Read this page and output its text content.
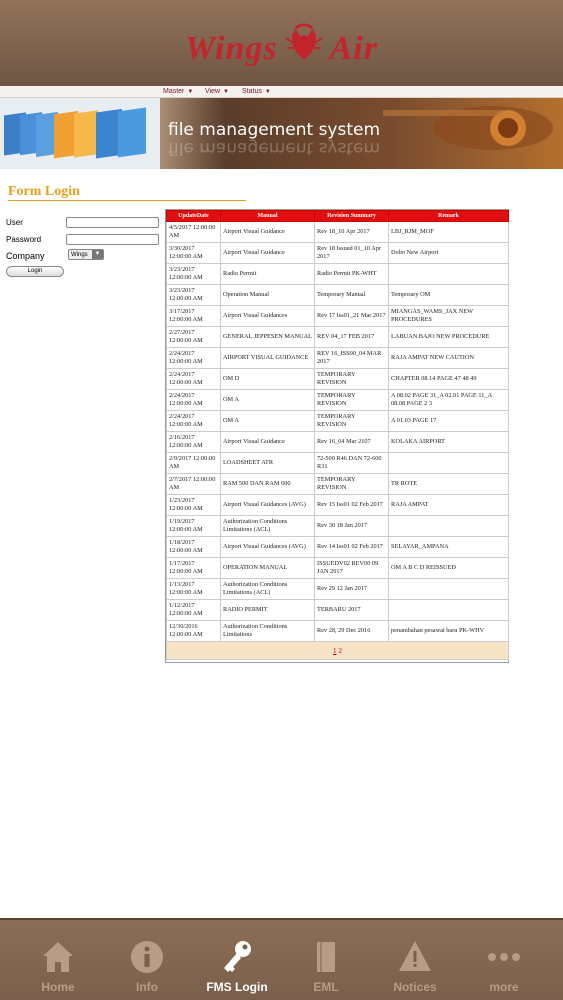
Wings Air
Master ▼ View ▼ Status ▼
file management system
file management system
Form Login
User
Password
Company	Wings	▼
Login
UpdateDate	Manual	Revision Summary	Remark
4/5/2017 12:00:00 AM	Airport Visual Guidance	Rev 18_10 Apr 2017	LBJ_RJM_MOF
3/30/2017 12:00:00 AM	Airport Visual Guidance	Rev 18 Issued 01_10 Apr 2017	Dobo New Airport
3/23/2017 12:00:00 AM	Radio Permit	Radio Permit PK-WHT	
3/23/2017 12:00:00 AM	Operation Manual	Temporary Manual	Temporary OM
3/17/2017 12:00:00 AM	Airport Visual Guidances	Rev 17 Iss01_21 Mar 2017	MIANGAS_WAMS_JAX NEW PROCEDURES
2/27/2017 12:00:00 AM	GENERAL JEPPESEN MANUAL	REV 04_17 FEB 2017	LABUAN BAJO NEW PROCEDURE
2/24/2017 12:00:00 AM	AIRPORT VISUAL GUIDANCE	REV 16_ISS00_04 MAR 2017	RAJA AMPAT NEW CAUTION
2/24/2017 12:00:00 AM	OM D	TEMPORARY REVISION	CHAPTER 08.14 PAGE 47 48 49
2/24/2017 12:00:00 AM	OM A	TEMPORARY REVISION	A 08.02 PAGE 31_A 02.01 PAGE 11_A 08.08 PAGE 2 3
2/24/2017 12:00:00 AM	OM A	TEMPORARY REVISION	A 01.03 PAGE 17
2/16/2017 12:00:00 AM	Airport Visual Guidance	Rev 16_04 Mar 2107	KOLAKA AIRPORT
2/9/2017 12:00:00 AM	LOADSHEET ATR	72-500 R46 DAN 72-600 R31	
2/7/2017 12:00:00 AM	RAM 500 DAN RAM 600	TEMPORARY REVISION	TR ROTE
1/23/2017 12:00:00 AM	Airport Visual Guidances (AVG)	Rev 15 Iss01 02 Feb 2017	RAJA AMPAT
1/19/2017 12:00:00 AM	Authorization Conditions Limitations (ACL)	Rev 30 18 Jan 2017	
1/18/2017 12:00:00 AM	Airport Visual Guidances (AVG)	Rev 14 Iss01 02 Feb 2017	SELAYAR_AMPANA
1/17/2017 12:00:00 AM	OPERATION MANUAL	ISSUEDV02 REV00 09 JAN 2017	OM A B C D REISSUED
1/13/2017 12:00:00 AM	Authorization Conditions Limitations (ACL)	Rev 29 12 Jan 2017	
1/12/2017 12:00:00 AM	RADIO PERMIT	TERBARU 2017	
12/30/2016 12:00:00 AM	Authorization Conditions Limitations	Rev 28, 29 Dec 2016	penambahan pesawat baru PK-WHV
1 2			
Home	Info	FMS Login	EML	Notices	more
